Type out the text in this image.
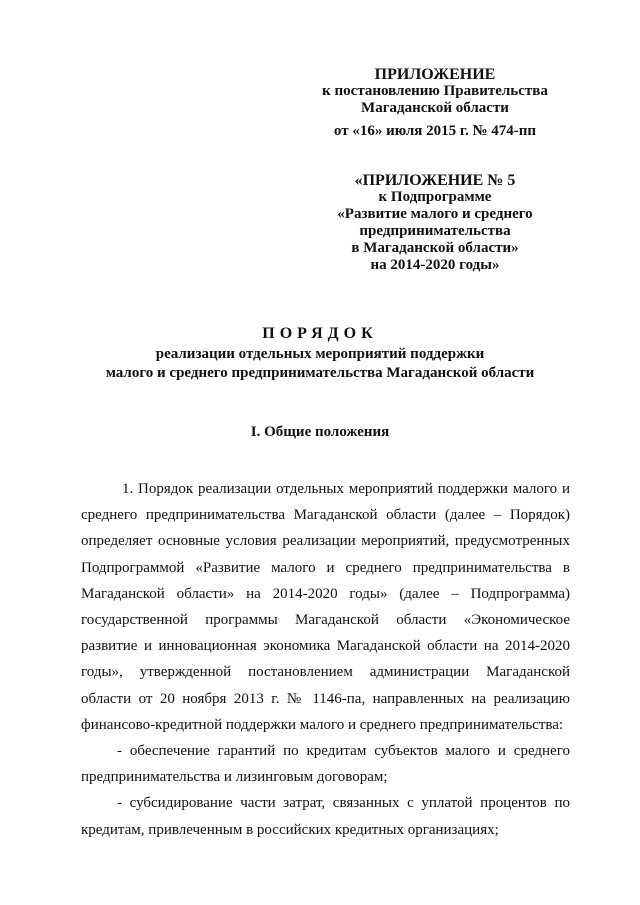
ПРИЛОЖЕНИЕ
к постановлению Правительства
Магаданской области
от «16» июля 2015 г. № 474-пп
«ПРИЛОЖЕНИЕ № 5
к Подпрограмме
«Развитие малого и среднего
предпринимательства
в Магаданской области»
на 2014-2020 годы»
ПОРЯДОК
реализации отдельных мероприятий поддержки
малого и среднего предпринимательства Магаданской области
I. Общие положения

1. Порядок реализации отдельных мероприятий поддержки малого и среднего предпринимательства Магаданской области (далее – Порядок) определяет основные условия реализации мероприятий, предусмотренных Подпрограммой «Развитие малого и среднего предпринимательства в Магаданской области» на 2014-2020 годы» (далее – Подпрограмма) государственной программы Магаданской области «Экономическое развитие и инновационная экономика Магаданской области на 2014-2020 годы», утвержденной постановлением администрации Магаданской области от 20 ноября 2013 г. № 1146-па, направленных на реализацию финансово-кредитной поддержки малого и среднего предпринимательства:

- обеспечение гарантий по кредитам субъектов малого и среднего предпринимательства и лизинговым договорам;

- субсидирование части затрат, связанных с уплатой процентов по кредитам, привлеченным в российских кредитных организациях;
